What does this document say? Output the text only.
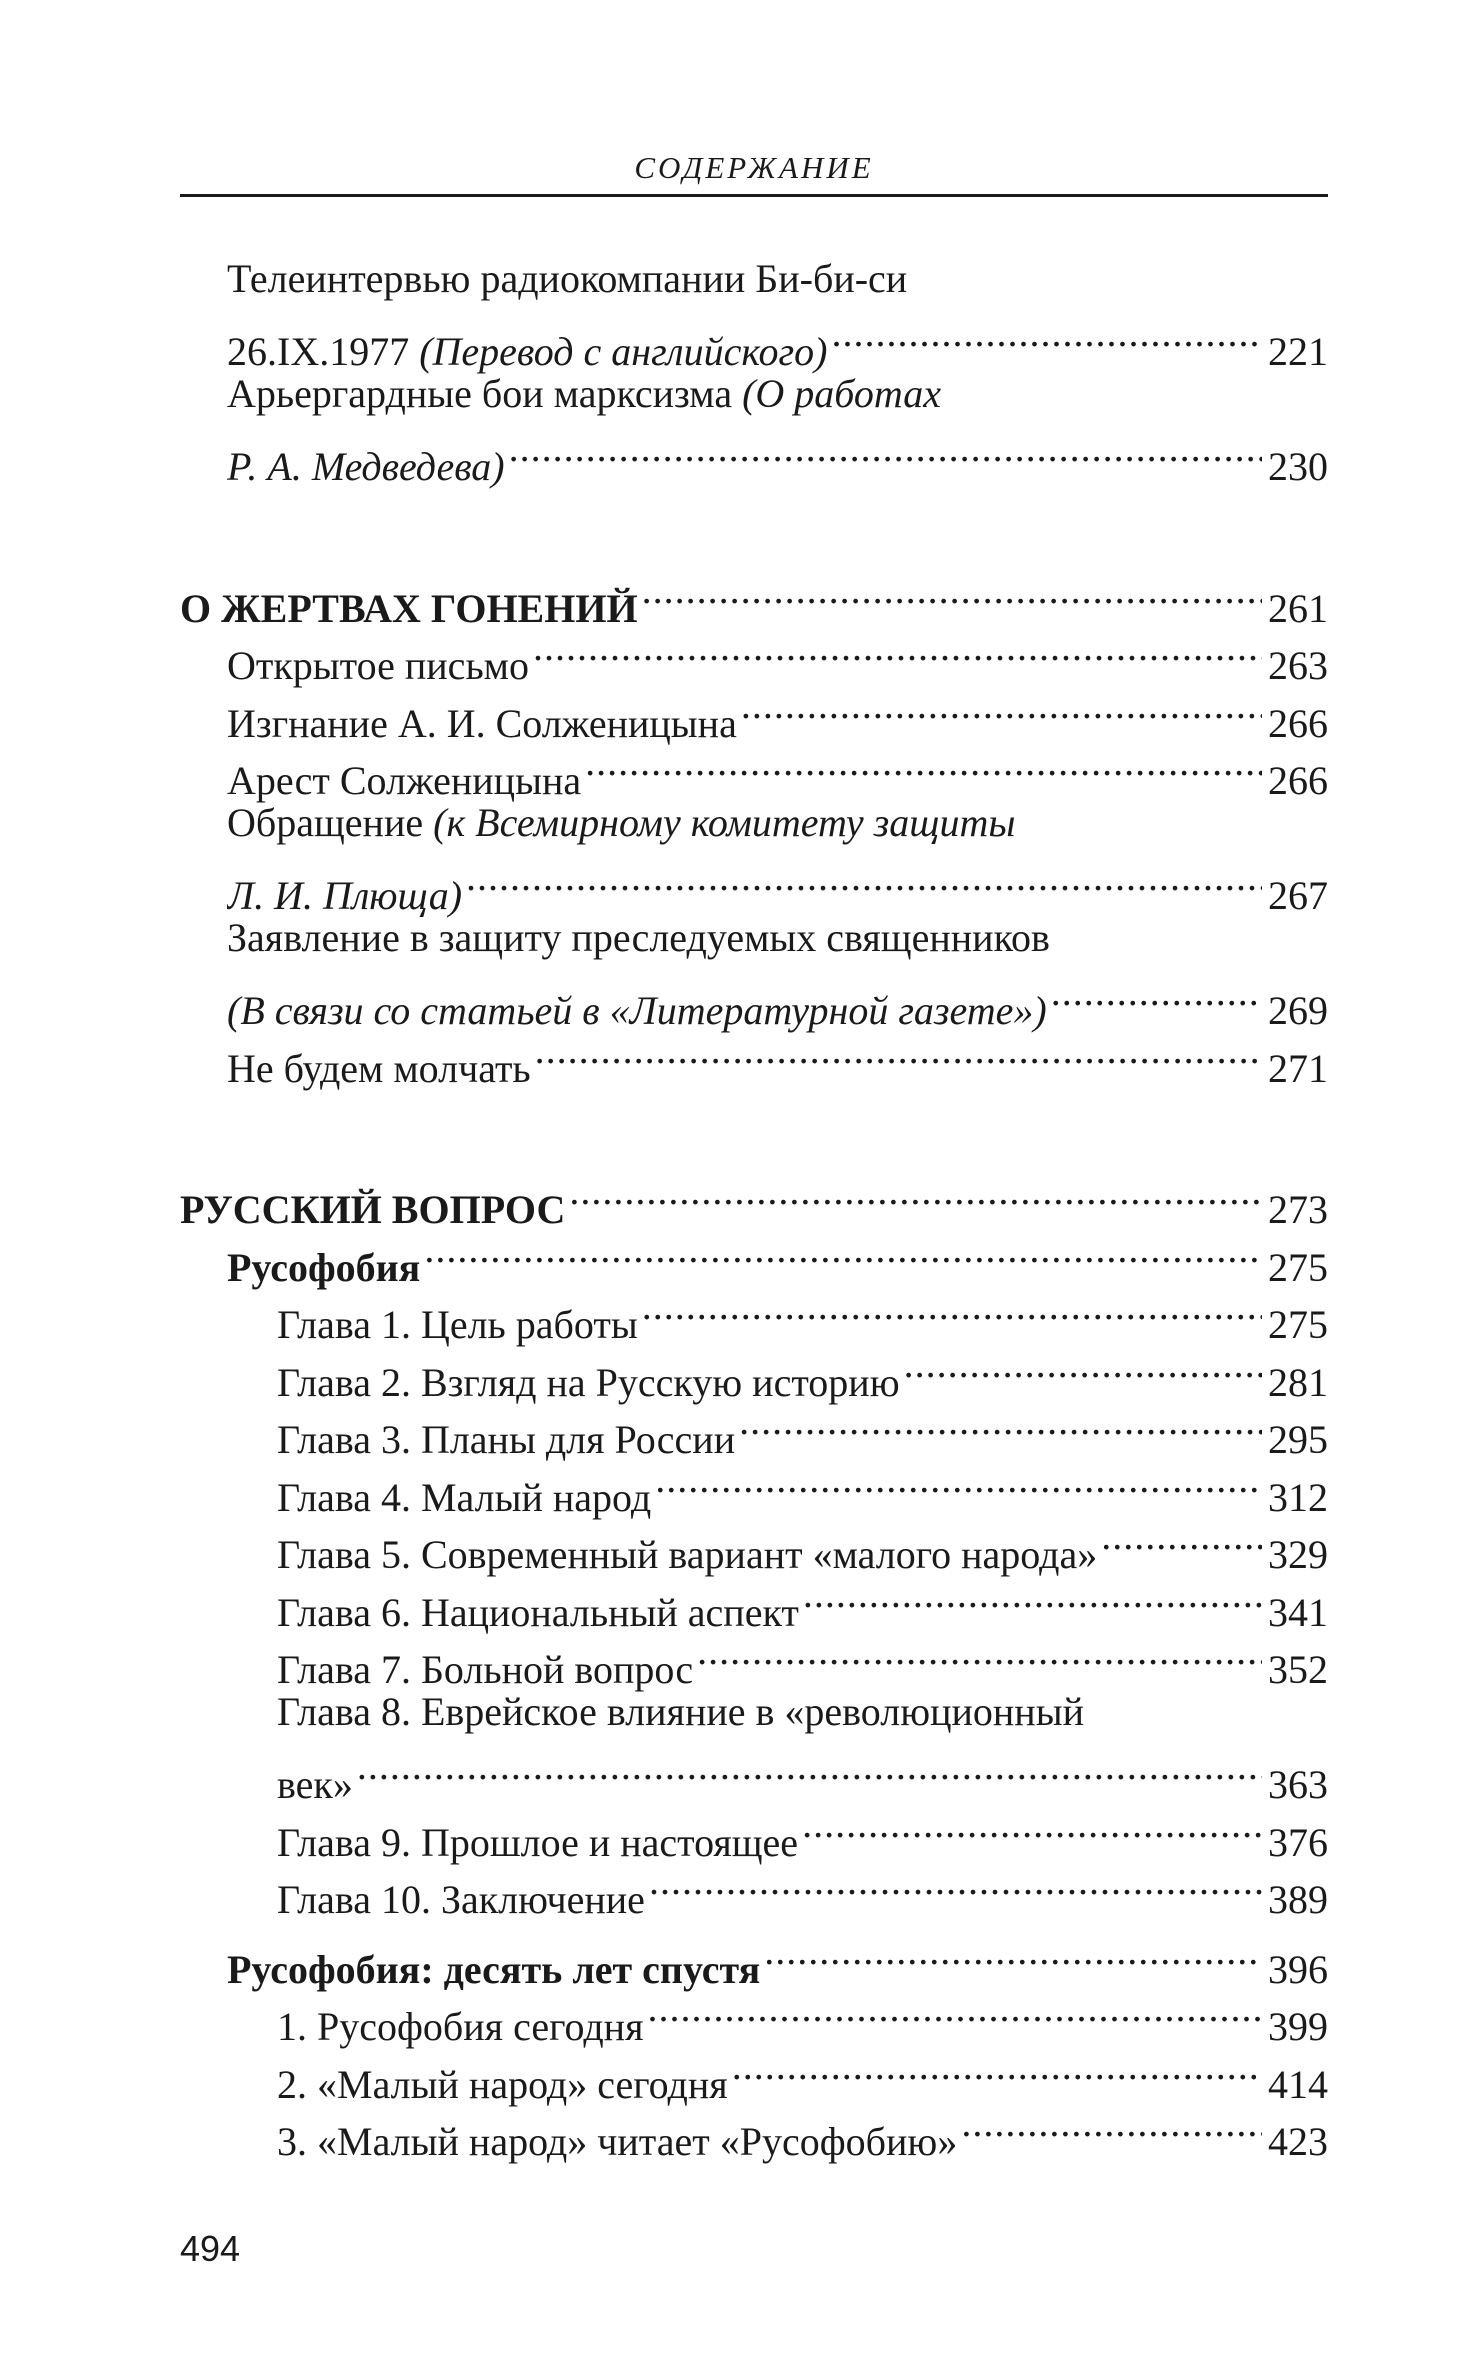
СОДЕРЖАНИЕ
Телеинтервью радиокомпании Би-би-си
26.IX.1977 (Перевод с английского) .....	221
Арьергардные бои марксизма (О работах
Р. А. Медведева) .....	230
О ЖЕРТВАХ ГОНЕНИЙ .....	261
Открытое письмо .....	263
Изгнание А. И. Солженицына .....	266
Арест Солженицына .....	266
Обращение (к Всемирному комитету защиты
Л. И. Плюща) .....	267
Заявление в защиту преследуемых священников
(В связи со статьей в «Литературной газете») .....	269
Не будем молчать .....	271
РУССКИЙ ВОПРОС .....	273
Русофобия .....	275
Глава 1. Цель работы .....	275
Глава 2. Взгляд на Русскую историю .....	281
Глава 3. Планы для России .....	295
Глава 4. Малый народ .....	312
Глава 5. Современный вариант «малого народа» .....	329
Глава 6. Национальный аспект .....	341
Глава 7. Больной вопрос .....	352
Глава 8. Еврейское влияние в «революционный
век» .....	363
Глава 9. Прошлое и настоящее .....	376
Глава 10. Заключение .....	389
Русофобия: десять лет спустя .....	396
1. Русофобия сегодня .....	399
2. «Малый народ» сегодня .....	414
3. «Малый народ» читает «Русофобию» .....	423
494
